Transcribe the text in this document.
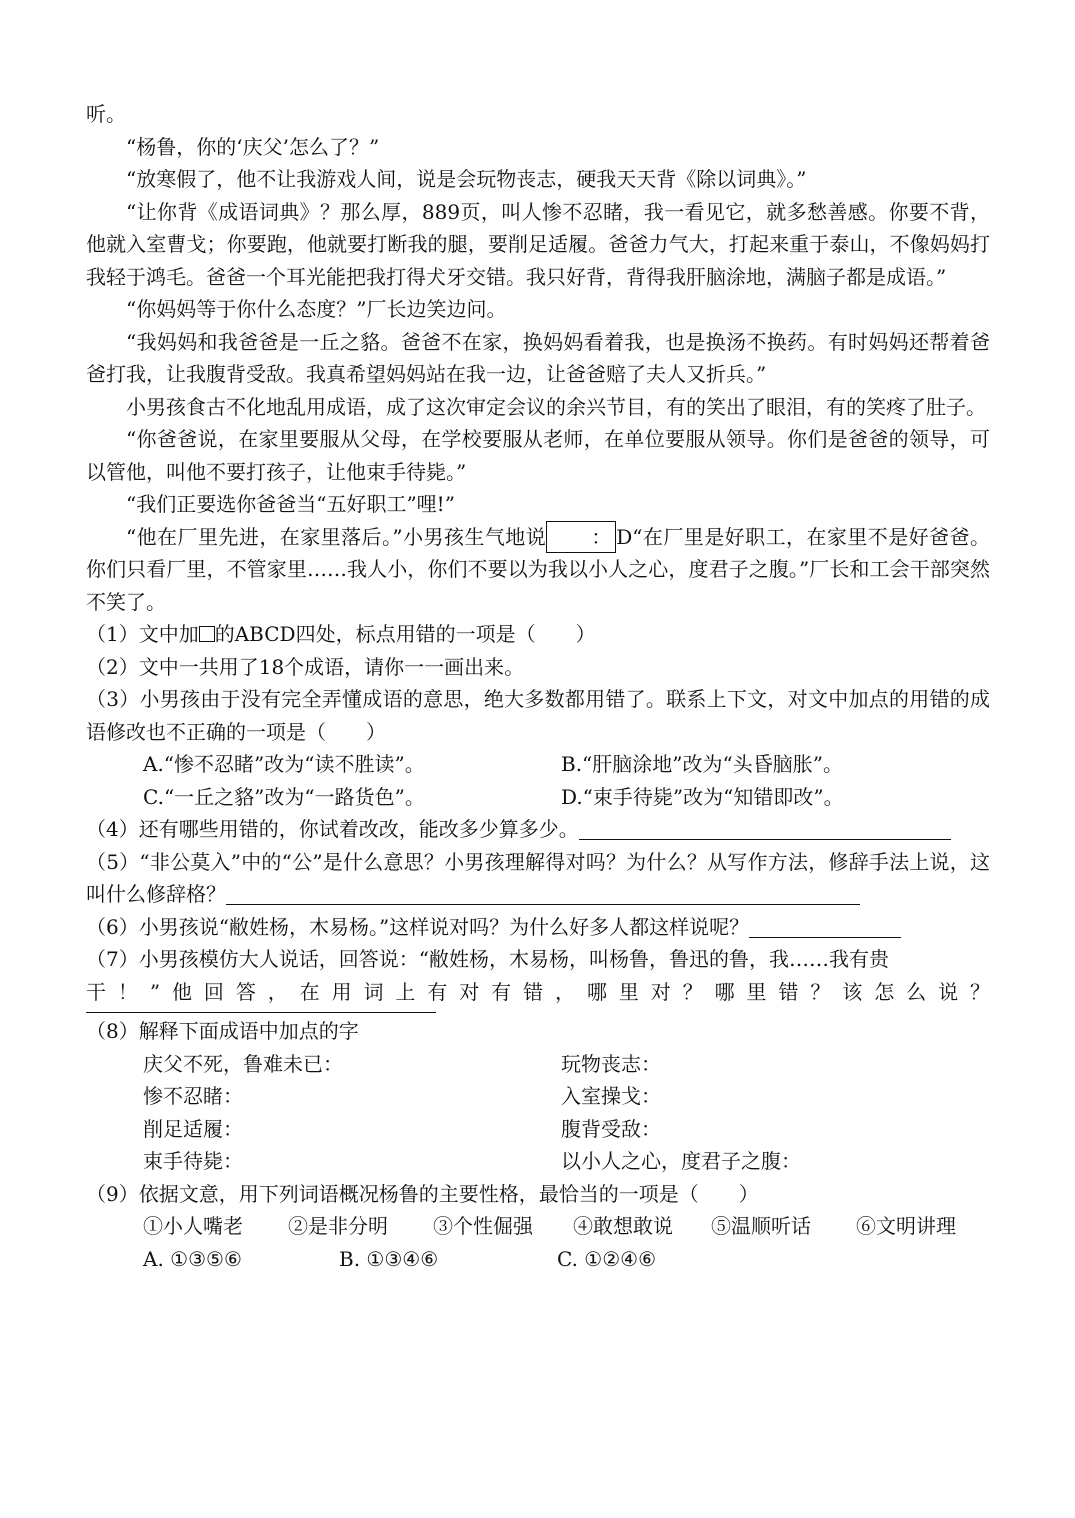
听。

“杨鲁，你的‘庆父’怎么了？”

“放寒假了，他不让我游戏人间，说是会玩物丧志，硬我天天背《除以词典》。”

“让你背《成语词典》？那么厚，889页，叫人惨不忍睹，我一看见它，就多愁善感。你要不背，他就入室曹戈；你要跑，他就要打断我的腿，要削足适履。爸爸力气大，打起来重于泰山，不像妈妈打我轻于鸿毛。爸爸一个耳光能把我打得犬牙交错。我只好背，背得我肝脑涂地，满脑子都是成语。”

“你妈妈等于你什么态度？”厂长边笑边问。

“我妈妈和我爸爸是一丘之貉。爸爸不在家，换妈妈看着我，也是换汤不换药。有时妈妈还帮着爸爸打我，让我腹背受敌。我真希望妈妈站在我一边，让爸爸赔了夫人又折兵。”

小男孩食古不化地乱用成语，成了这次审定会议的余兴节目，有的笑出了眼泪，有的笑疼了肚子。

“你爸爸说，在家里要服从父母，在学校要服从老师，在单位要服从领导。你们是爸爸的领导，可以管他，叫他不要打孩子，让他束手待毙。”

“我们正要选你爸爸当“五好职工”哩!”

“他在厂里先进，在家里落后。”小男孩生气地说 ： D“在厂里是好职工，在家里不是好爸爸。你们只看厂里，不管家里……我人小，你们不要以为我以小人之心，度君子之腹。”厂长和工会干部突然不笑了。

（1）文中加 的ABCD四处，标点用错的一项是（　　）

（2）文中一共用了18个成语，请你一一画出来。

（3）小男孩由于没有完全弄懂成语的意思，绝大多数都用错了。联系上下文，对文中加点的用错的成语修改也不正确的一项是（　　）

A.“惨不忍睹”改为“读不胜读”。	B.“肝脑涂地”改为“头昏脑胀”。

C.“一丘之貉”改为“一路货色”。	D.“束手待毙”改为“知错即改”。

（4）还有哪些用错的，你试着改改，能改多少算多少。

（5）“非公莫入”中的“公”是什么意思？小男孩理解得对吗？为什么？从写作方法，修辞手法上说，这叫什么修辞格？

（6）小男孩说“敝姓杨，木易杨。”这样说对吗？为什么好多人都这样说呢？

（7）小男孩模仿大人说话，回答说：“敝姓杨，木易杨，叫杨鲁，鲁迅的鲁，我……我有贵

干！”他回答，在用词上有对有错，哪里对？哪里错？该怎么说？

（8）解释下面成语中加点的字

庆父不死，鲁难未已：	玩物丧志：

惨不忍睹：	入室操戈：

削足适履：	腹背受敌：

束手待毙：	以小人之心，度君子之腹：

（9）依据文意，用下列词语概况杨鲁的主要性格，最恰当的一项是（　　）

①小人嘴老 ②是非分明 ③个性倔强 ④敢想敢说 ⑤温顺听话 ⑥文明讲理

A. ①③⑤⑥	B. ①③④⑥	C. ①②④⑥
